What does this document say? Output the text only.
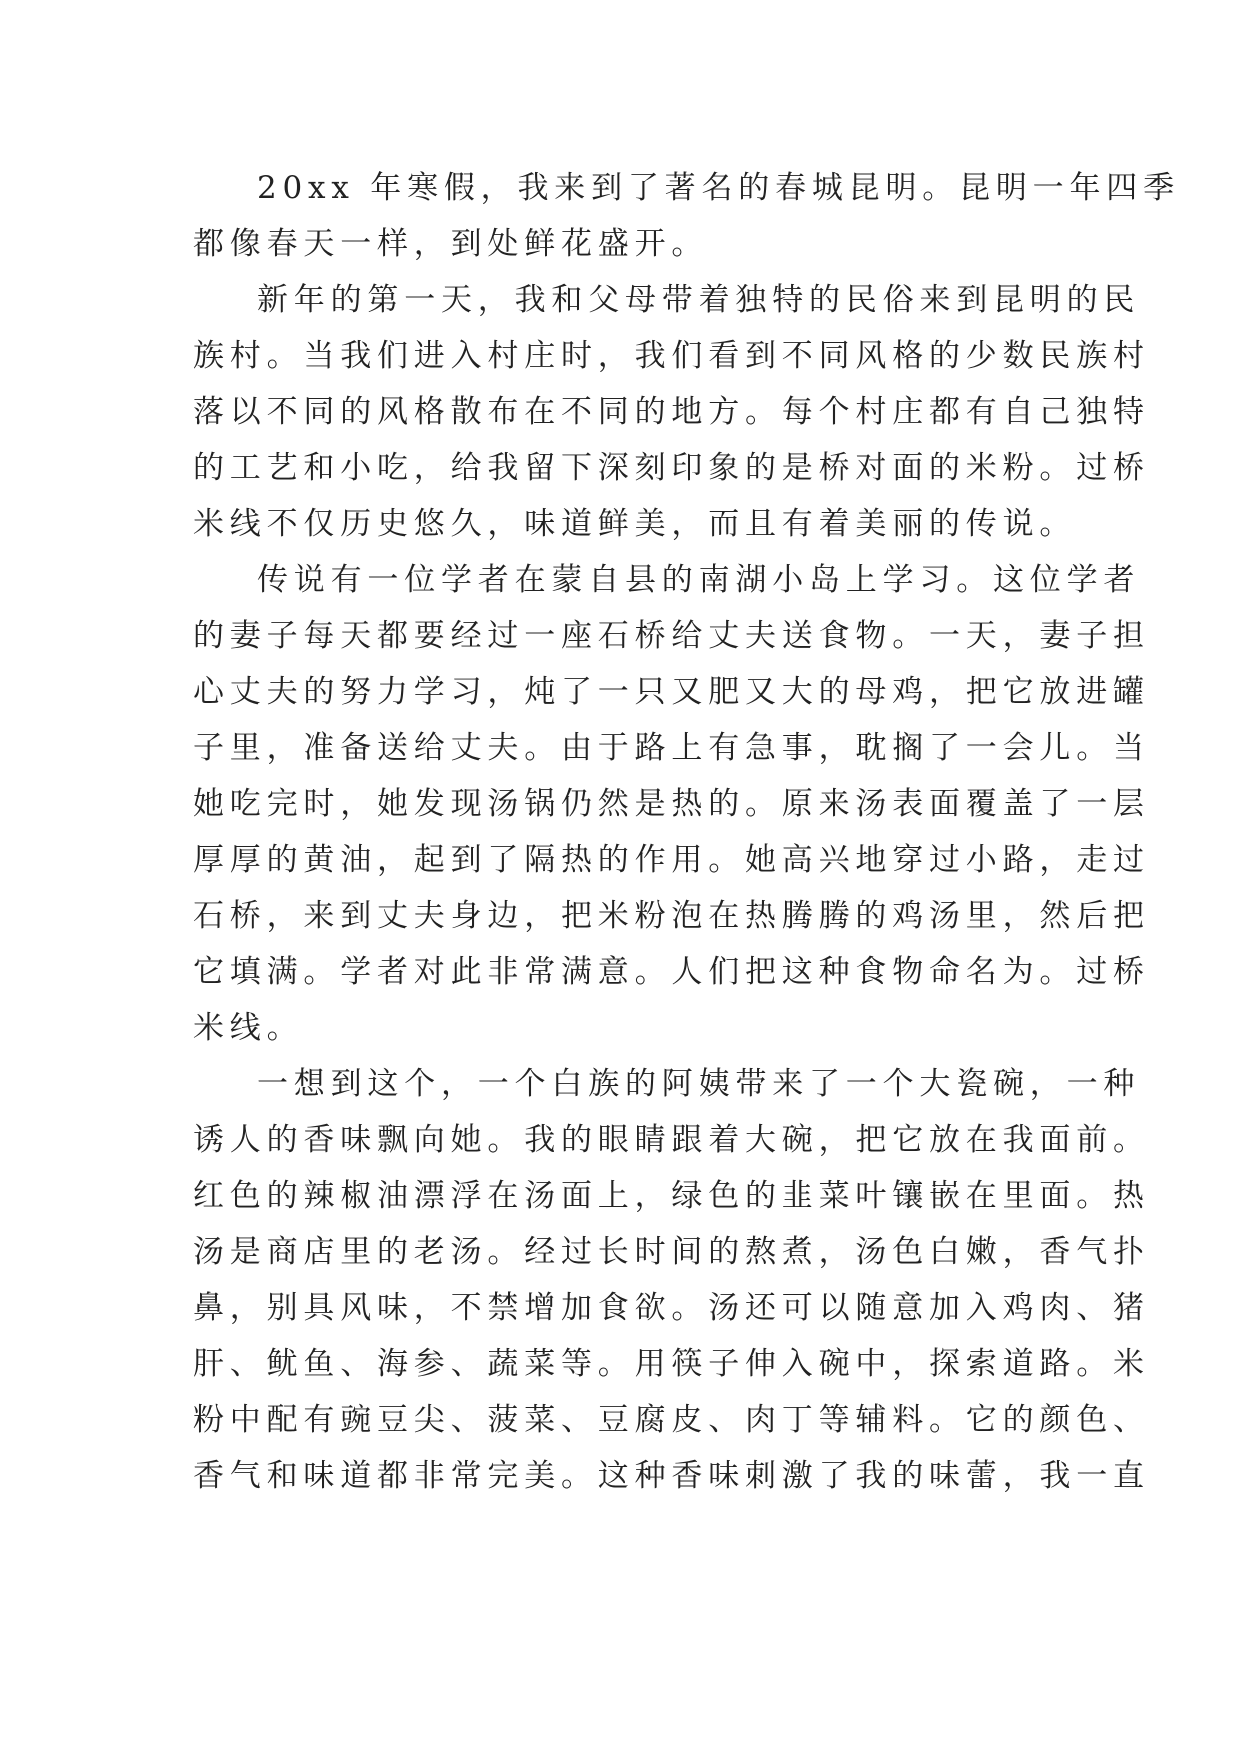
20xx 年寒假，我来到了著名的春城昆明。昆明一年四季
都像春天一样，到处鲜花盛开。

新年的第一天，我和父母带着独特的民俗来到昆明的民
族村。当我们进入村庄时，我们看到不同风格的少数民族村
落以不同的风格散布在不同的地方。每个村庄都有自己独特
的工艺和小吃，给我留下深刻印象的是桥对面的米粉。过桥
米线不仅历史悠久，味道鲜美，而且有着美丽的传说。

传说有一位学者在蒙自县的南湖小岛上学习。这位学者
的妻子每天都要经过一座石桥给丈夫送食物。一天，妻子担
心丈夫的努力学习，炖了一只又肥又大的母鸡，把它放进罐
子里，准备送给丈夫。由于路上有急事，耽搁了一会儿。当
她吃完时，她发现汤锅仍然是热的。原来汤表面覆盖了一层
厚厚的黄油，起到了隔热的作用。她高兴地穿过小路，走过
石桥，来到丈夫身边，把米粉泡在热腾腾的鸡汤里，然后把
它填满。学者对此非常满意。人们把这种食物命名为。过桥
米线。

一想到这个，一个白族的阿姨带来了一个大瓷碗，一种
诱人的香味飘向她。我的眼睛跟着大碗，把它放在我面前。
红色的辣椒油漂浮在汤面上，绿色的韭菜叶镶嵌在里面。热
汤是商店里的老汤。经过长时间的熬煮，汤色白嫩，香气扑
鼻，别具风味，不禁增加食欲。汤还可以随意加入鸡肉、猪
肝、鱿鱼、海参、蔬菜等。用筷子伸入碗中，探索道路。米
粉中配有豌豆尖、菠菜、豆腐皮、肉丁等辅料。它的颜色、
香气和味道都非常完美。这种香味刺激了我的味蕾，我一直
